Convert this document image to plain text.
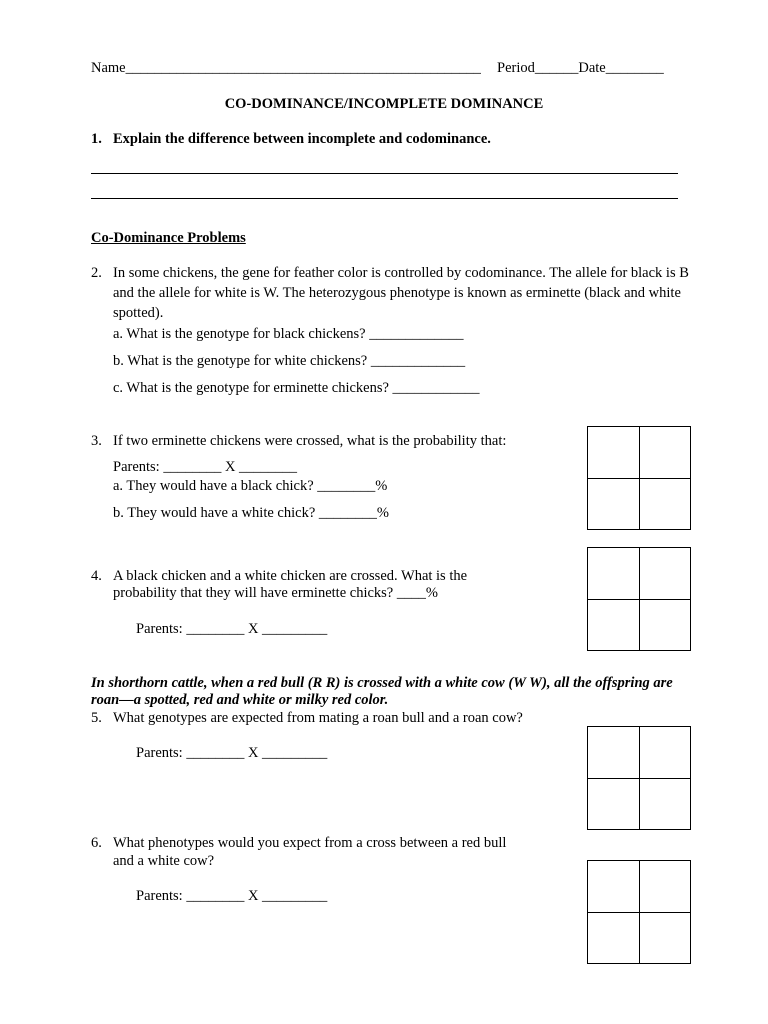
Name_________________________________________________ Period______Date________
CO-DOMINANCE/INCOMPLETE DOMINANCE
1. Explain the difference between incomplete and codominance.
Co-Dominance Problems
2. In some chickens, the gene for feather color is controlled by codominance. The allele for black is B
and the allele for white is W. The heterozygous phenotype is known as erminette (black and white
spotted).
a. What is the genotype for black chickens? _____________
b. What is the genotype for white chickens? _____________
c. What is the genotype for erminette chickens? ____________
3. If two erminette chickens were crossed, what is the probability that:
Parents: ________ X ________
a. They would have a black chick? ________%
b. They would have a white chick? ________%
4. A black chicken and a white chicken are crossed. What is the
probability that they will have erminette chicks? ____%
Parents: ________ X _________
In shorthorn cattle, when a red bull (R R) is crossed with a white cow (W W), all the offspring are
roan—a spotted, red and white or milky red color.
5. What genotypes are expected from mating a roan bull and a roan cow?
Parents: ________ X _________
6. What phenotypes would you expect from a cross between a red bull
and a white cow?
Parents: ________ X _________
